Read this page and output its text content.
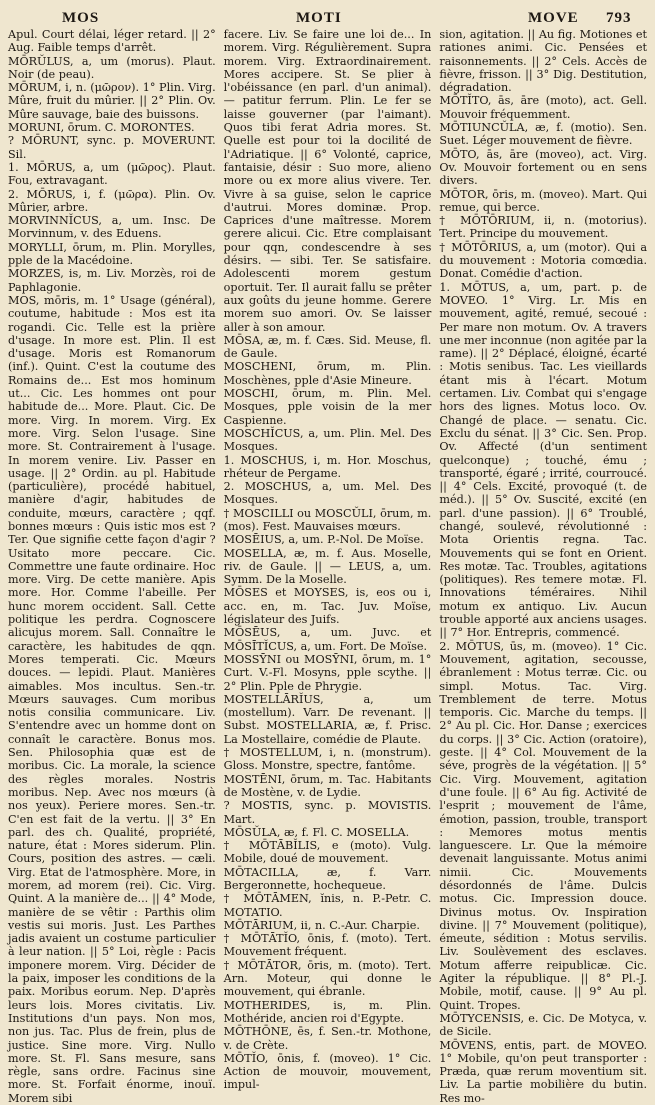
MOS	MOTI	MOVE 793

Apul. Court délai, léger retard. || 2° Aug. Faible temps d'arrêt.

MŌRŬLUS, a, um (morus). Plaut. Noir (de peau).

MŌRUM, i, n. (μῶρον). 1° Plin. Virg. Mûre, fruit du mûrier. || 2° Plin. Ov. Mûre sauvage, baie des buissons.

MORUNI, ōrum. C. MORONTES.

? MŌRUNT, sync. p. MOVERUNT. Sil.

1. MŌRUS, a, um (μῶρος). Plaut. Fou, extravagant.

2. MŌRUS, i, f. (μῶρα). Plin. Ov. Mûrier, arbre.

MORVINNĬCUS, a, um. Insc. De Morvinnum, v. des Eduens.

MORYLLI, ōrum, m. Plin. Morylles, pple de la Macédoine.

MORZES, is, m. Liv. Morzès, roi de Paphlagonie.

MOS, mōris, m. 1° Usage (général), coutume, habitude : Mos est ita rogandi. Cic. Telle est la prière d'usage. In more est. Plin. Il est d'usage. Moris est Romanorum (inf.). Quint. C'est la coutume des Romains de... Est mos hominum ut... Cic. Les hommes ont pour habitude de... More. Plaut. Cic. De more. Virg. In morem. Virg. Ex more. Virg. Selon l'usage. Sine more. St. Contrairement à l'usage. In morem venire. Liv. Passer en usage. || 2° Ordin. au pl. Habitude (particulière), procédé habituel, manière d'agir, habitudes de conduite, mœurs, caractère ; qqf. bonnes mœurs : Quis istic mos est ? Ter. Que signifie cette façon d'agir ? Usitato more peccare. Cic. Commettre une faute ordinaire. Hoc more. Virg. De cette manière. Apis more. Hor. Comme l'abeille. Per hunc morem occident. Sall. Cette politique les perdra. Cognoscere alicujus morem. Sall. Connaître le caractère, les habitudes de qqn. Mores temperati. Cic. Mœurs douces. — lepidi. Plaut. Manières aimables. Mos incultus. Sen.-tr. Mœurs sauvages. Cum moribus notis consilia communicare. Liv. S'entendre avec un homme dont on connaît le caractère. Bonus mos. Sen. Philosophia quæ est de moribus. Cic. La morale, la science des règles morales. Nostris moribus. Nep. Avec nos mœurs (à nos yeux). Periere mores. Sen.-tr. C'en est fait de la vertu. || 3° En parl. des ch. Qualité, propriété, nature, état : Mores siderum. Plin. Cours, position des astres. — cæli. Virg. Etat de l'atmosphère. More, in morem, ad morem (rei). Cic. Virg. Quint. A la manière de... || 4° Mode, manière de se vêtir : Parthis olim vestis sui moris. Just. Les Parthes jadis avaient un costume particulier à leur nation. || 5° Loi, règle : Pacis imponere morem. Virg. Décider de la paix, imposer les conditions de la paix. Moribus eorum. Nep. D'après leurs lois. Mores civitatis. Liv. Institutions d'un pays. Non mos, non jus. Tac. Plus de frein, plus de justice. Sine more. Virg. Nullo more. St. Fl. Sans mesure, sans règle, sans ordre. Facinus sine more. St. Forfait énorme, inouï. Morem sibi

facere. Liv. Se faire une loi de... In morem. Virg. Régulièrement. Supra morem. Virg. Extraordinairement. Mores accipere. St. Se plier à l'obéissance (en parl. d'un animal). — patitur ferrum. Plin. Le fer se laisse gouverner (par l'aimant). Quos tibi ferat Adria mores. St. Quelle est pour toi la docilité de l'Adriatique. || 6° Volonté, caprice, fantaisie, désir : Suo more, alieno more ou ex more alius vivere. Ter. Vivre à sa guise, selon le caprice d'autrui. Mores dominæ. Prop. Caprices d'une maîtresse. Morem gerere alicui. Cic. Etre complaisant pour qqn, condescendre à ses désirs. — sibi. Ter. Se satisfaire. Adolescenti morem gestum oportuit. Ter. Il aurait fallu se prêter aux goûts du jeune homme. Gerere morem suo amori. Ov. Se laisser aller à son amour.

MŌSA, æ, m. f. Cæs. Sid. Meuse, fl. de Gaule.

MOSCHENI, ōrum, m. Plin. Moschènes, pple d'Asie Mineure.

MOSCHI, ōrum, m. Plin. Mel. Mosques, pple voisin de la mer Caspienne.

MOSCHĬCUS, a, um. Plin. Mel. Des Mosques.

1. MOSCHUS, i, m. Hor. Moschus, rhéteur de Pergame.

2. MOSCHUS, a, um. Mel. Des Mosques.

† MOSCILLI ou MOSCŬLI, ōrum, m. (mos). Fest. Mauvaises mœurs.

MOSĒIUS, a, um. P.-Nol. De Moïse.

MOSELLA, æ, m. f. Aus. Moselle, riv. de Gaule. || — LEUS, a, um. Symm. De la Moselle.

MŌSES et MOYSES, is, eos ou i, acc. en, m. Tac. Juv. Moïse, législateur des Juifs.

MŌSĒUS, a, um. Juvc. et MŌSĪTĬCUS, a, um. Fort. De Moïse.

MOSSȲNI ou MOSȲNI, ōrum, m. 1° Curt. V.-Fl. Mosyns, pple scythe. || 2° Plin. Pple de Phrygie.

MOSTELLĀRĬUS, a, um (mostellum). Varr. De revenant. || Subst. MOSTELLARIA, æ, f. Prisc. La Mostellaire, comédie de Plaute.

† MOSTELLUM, i, n. (monstrum). Gloss. Monstre, spectre, fantôme.

MOSTĒNI, ōrum, m. Tac. Habitants de Mostène, v. de Lydie.

? MOSTIS, sync. p. MOVISTIS. Mart.

MŌSŬLA, æ, f. Fl. C. MOSELLA.

† MŌTĀBĬLIS, e (moto). Vulg. Mobile, doué de mouvement.

MŌTACILLA, æ, f. Varr. Bergeronnette, hochequeue.

† MŌTĀMEN, ĭnis, n. P.-Petr. C. MOTATIO.

MŌTĀRIUM, ii, n. C.-Aur. Charpie.

† MŌTĀTĬO, ōnis, f. (moto). Tert. Mouvement fréquent.

† MŌTĀTOR, ōris, m. (moto). Tert. Arn. Moteur, qui donne le mouvement, qui ébranle.

MOTHERIDES, is, m. Plin. Mothéride, ancien roi d'Egypte.

MŌTHŌNE, ēs, f. Sen.-tr. Mothone, v. de Crète.

MŌTĬO, ōnis, f. (moveo). 1° Cic. Action de mouvoir, mouvement, impul-

sion, agitation. || Au fig. Motiones et rationes animi. Cic. Pensées et raisonnements. || 2° Cels. Accès de fièvre, frisson. || 3° Dig. Destitution, dégradation.

MŌTĬTO, ās, āre (moto), act. Gell. Mouvoir fréquemment.

MŌTIUNCŬLA, æ, f. (motio). Sen. Suet. Léger mouvement de fièvre.

MŌTO, ās, āre (moveo), act. Virg. Ov. Mouvoir fortement ou en sens divers.

MŌTOR, ōris, m. (moveo). Mart. Qui remue, qui berce.

† MŌTŌRIUM, ii, n. (motorius). Tert. Principe du mouvement.

† MŌTŌRIUS, a, um (motor). Qui a du mouvement : Motoria comœdia. Donat. Comédie d'action.

1. MŌTUS, a, um, part. p. de MOVEO. 1° Virg. Lr. Mis en mouvement, agité, remué, secoué : Per mare non motum. Ov. A travers une mer inconnue (non agitée par la rame). || 2° Déplacé, éloigné, écarté : Motis senibus. Tac. Les vieillards étant mis à l'écart. Motum certamen. Liv. Combat qui s'engage hors des lignes. Motus loco. Ov. Changé de place. — senatu. Cic. Exclu du sénat. || 3° Cic. Sen. Prop. Ov. Affecté (d'un sentiment quelconque) ; touché, ému ; transporté, égaré ; irrité, courroucé. || 4° Cels. Excité, provoqué (t. de méd.). || 5° Ov. Suscité, excité (en parl. d'une passion). || 6° Troublé, changé, soulevé, révolutionné : Mota Orientis regna. Tac. Mouvements qui se font en Orient. Res motæ. Tac. Troubles, agitations (politiques). Res temere motæ. Fl. Innovations téméraires. Nihil motum ex antiquo. Liv. Aucun trouble apporté aux anciens usages. || 7° Hor. Entrepris, commencé.

2. MŌTUS, ūs, m. (moveo). 1° Cic. Mouvement, agitation, secousse, ébranlement : Motus terræ. Cic. ou simpl. Motus. Tac. Virg. Tremblement de terre. Motus temporis. Cic. Marche du temps. || 2° Au pl. Cic. Hor. Danse ; exercices du corps. || 3° Cic. Action (oratoire), geste. || 4° Col. Mouvement de la séve, progrès de la végétation. || 5° Cic. Virg. Mouvement, agitation d'une foule. || 6° Au fig. Activité de l'esprit ; mouvement de l'âme, émotion, passion, trouble, transport : Memores motus mentis languescere. Lr. Que la mémoire devenait languissante. Motus animi nimii. Cic. Mouvements désordonnés de l'âme. Dulcis motus. Cic. Impression douce. Divinus motus. Ov. Inspiration divine. || 7° Mouvement (politique), émeute, sédition : Motus servilis. Liv. Soulèvement des esclaves. Motum afferre reipublicæ. Cic. Agiter la république. || 8° Pl.-J. Mobile, motif, cause. || 9° Au pl. Quint. Tropes.

MŌTYCENSIS, e. Cic. De Motyca, v. de Sicile.

MŌVENS, entis, part. de MOVEO. 1° Mobile, qu'on peut transporter : Præda, quæ rerum moventium sit. Liv. La partie mobilière du butin. Res mo-
